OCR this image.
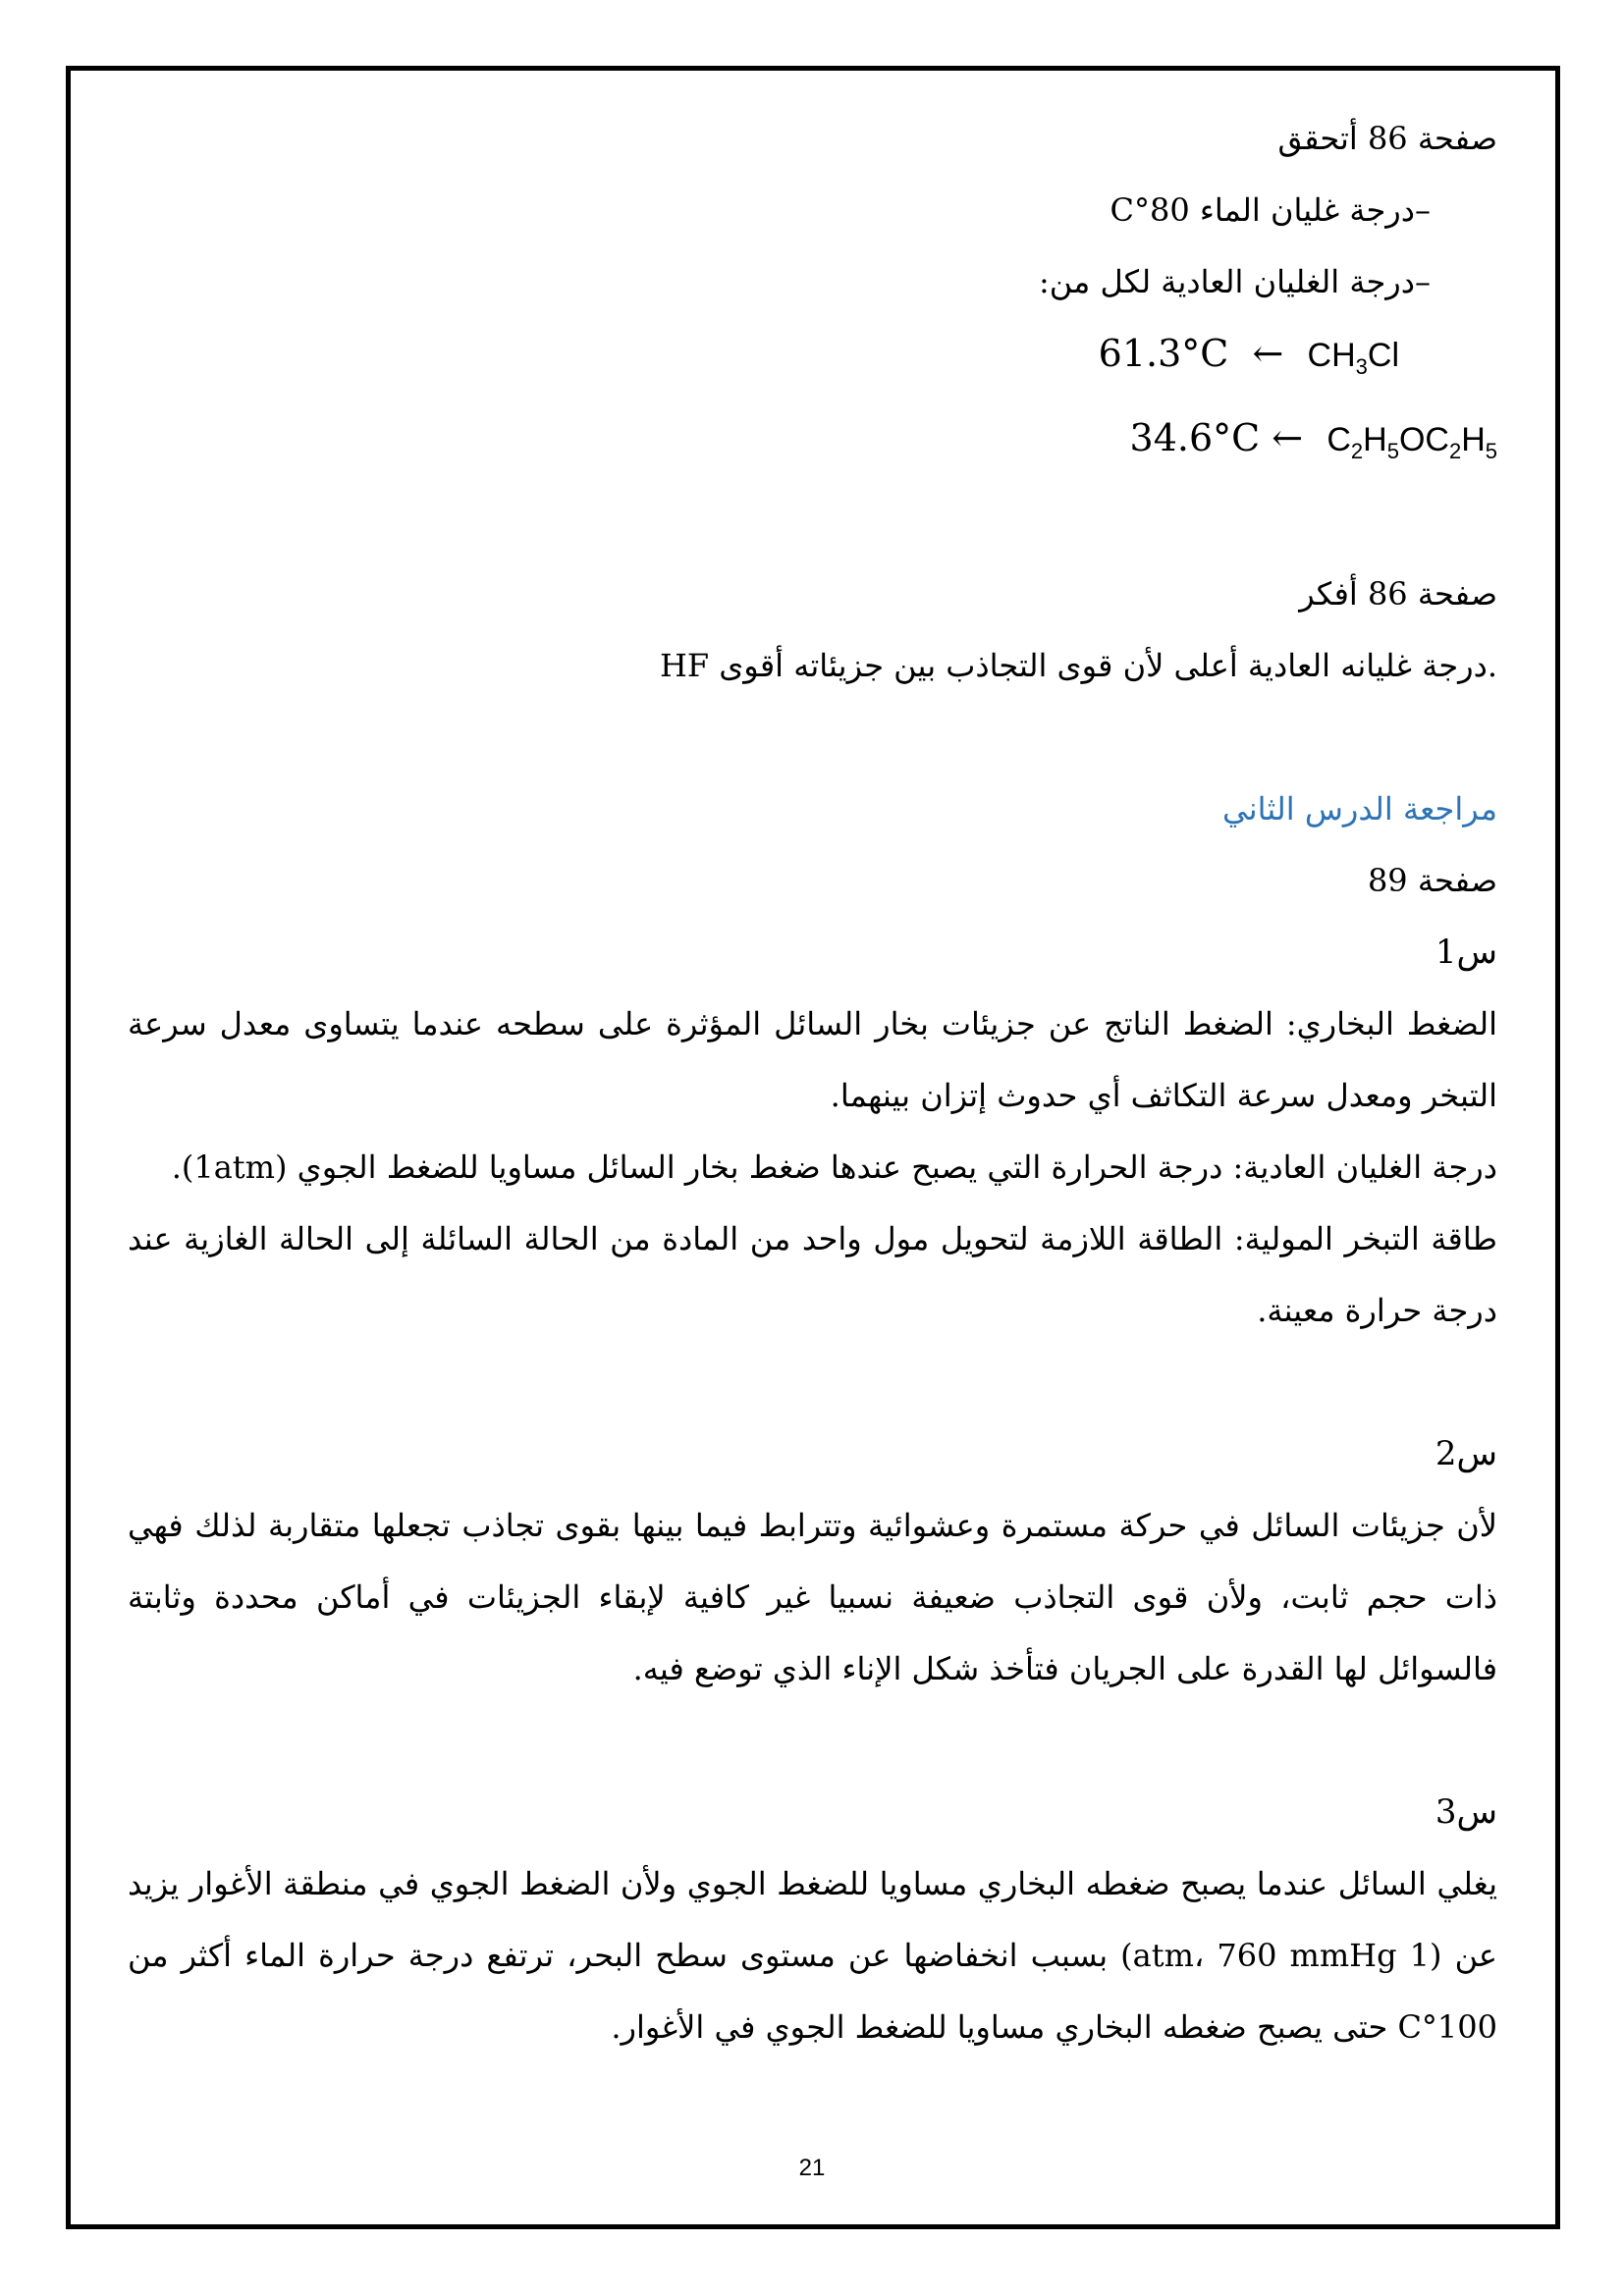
صفحة 86 أتحقق
–درجة غليان الماء 80°C
–درجة الغليان العادية لكل من:
61.3°C ← $CH_3Cl$
34.6°C ← $C_2H_5OC_2H_5$
صفحة 86 أفكر
HF درجة غليانه العادية أعلى لأن قوى التجاذب بين جزيئاته أقوى.
مراجعة الدرس الثاني
صفحة 89
س1
الضغط البخاري: الضغط الناتج عن جزيئات بخار السائل المؤثرة على سطحه عندما يتساوى معدل سرعة التبخر ومعدل سرعة التكاثف أي حدوث إتزان بينهما.
درجة الغليان العادية: درجة الحرارة التي يصبح عندها ضغط بخار السائل مساويا للضغط الجوي (1atm).
طاقة التبخر المولية: الطاقة اللازمة لتحويل مول واحد من المادة من الحالة السائلة إلى الحالة الغازية عند درجة حرارة معينة.
س2
لأن جزيئات السائل في حركة مستمرة وعشوائية وتترابط فيما بينها بقوى تجاذب تجعلها متقاربة لذلك فهي ذات حجم ثابت، ولأن قوى التجاذب ضعيفة نسبيا غير كافية لإبقاء الجزيئات في أماكن محددة وثابتة فالسوائل لها القدرة على الجريان فتأخذ شكل الإناء الذي توضع فيه.
س3
يغلي السائل عندما يصبح ضغطه البخاري مساويا للضغط الجوي ولأن الضغط الجوي في منطقة الأغوار يزيد عن (1 atm، 760 mmHg) بسبب انخفاضها عن مستوى سطح البحر، ترتفع درجة حرارة الماء أكثر من 100°C حتى يصبح ضغطه البخاري مساويا للضغط الجوي في الأغوار.
21
